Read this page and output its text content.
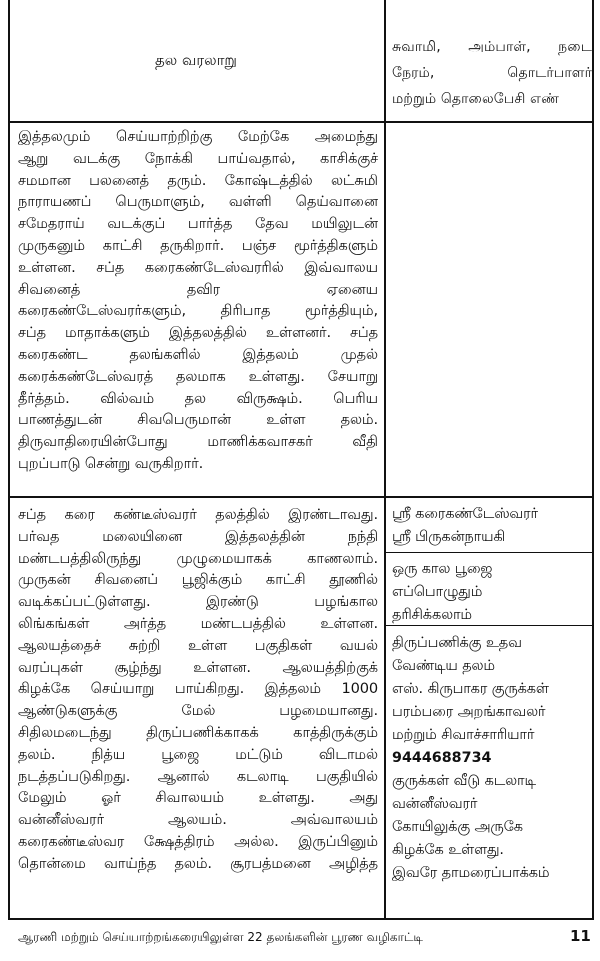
தல வரலாறு
சுவாமி, அம்பாள், நடை
நேரம், தொடர்பாளர்
மற்றும் தொலைபேசி எண்
இத்தலமும் செய்யாற்றிற்கு மேற்கே அமைந்து
ஆறு வடக்கு நோக்கி பாய்வதால், காசிக்குச்
சமமான பலனைத் தரும். கோஷ்டத்தில் லட்சுமி
நாராயணப் பெருமாளும், வள்ளி தெய்வானை
சமேதராய் வடக்குப் பார்த்த தேவ மயிலுடன்
முருகனும் காட்சி தருகிறார். பஞ்ச மூர்த்திகளும்
உள்ளன. சப்த கரைகண்டேஸ்வரரில் இவ்வாலய
சிவனைத் தவிர ஏனைய
கரைகண்டேஸ்வரர்களும், திரிபாத மூர்த்தியும்,
சப்த மாதாக்களும் இத்தலத்தில் உள்ளனர். சப்த
கரைகண்ட தலங்களில் இத்தலம் முதல்
கரைக்கண்டேஸ்வரத் தலமாக உள்ளது. சேயாறு
தீர்த்தம். வில்வம் தல விருக்ஷம். பெரிய
பாணத்துடன் சிவபெருமான் உள்ள தலம்.
திருவாதிரையின்போது மாணிக்கவாசகர் வீதி
புறப்பாடு சென்று வருகிறார்.
சப்த கரை கண்டீஸ்வரர் தலத்தில் இரண்டாவது.
பர்வத மலையினை இத்தலத்தின் நந்தி
மண்டபத்திலிருந்து முழுமையாகக் காணலாம்.
முருகன் சிவனைப் பூஜிக்கும் காட்சி தூணில்
வடிக்கப்பட்டுள்ளது. இரண்டு பழங்கால
லிங்கங்கள் அர்த்த மண்டபத்தில் உள்ளன.
ஆலயத்தைச் சுற்றி உள்ள பகுதிகள் வயல்
வரப்புகள் சூழ்ந்து உள்ளன. ஆலயத்திற்குக்
கிழக்கே செய்யாறு பாய்கிறது. இத்தலம் 1000
ஆண்டுகளுக்கு மேல் பழமையானது.
சிதிலமடைந்து திருப்பணிக்காகக் காத்திருக்கும்
தலம். நித்ய பூஜை மட்டும் விடாமல்
நடத்தப்படுகிறது. ஆனால் கடலாடி பகுதியில்
மேலும் ஓர் சிவாலயம் உள்ளது. அது
வன்னீஸ்வரர் ஆலயம். அவ்வாலயம்
கரைகண்டீஸ்வர க்ஷேத்திரம் அல்ல. இருப்பினும்
தொன்மை வாய்ந்த தலம். சூரபத்மனை அழித்த
ஸ்ரீ கரைகண்டேஸ்வரர்
ஸ்ரீ பிருகன்நாயகி
ஒரு கால பூஜை
எப்பொழுதும்
தரிசிக்கலாம்
திருப்பணிக்கு உதவ
வேண்டிய தலம்
எஸ். கிருபாகர குருக்கள்
பரம்பரை அறங்காவலர்
மற்றும் சிவாச்சாரியார்
9444688734
குருக்கள் வீடு கடலாடி
வன்னீஸ்வரர்
கோயிலுக்கு அருகே
கிழக்கே உள்ளது.
இவரே தாமரைப்பாக்கம்
ஆரணி மற்றும் செய்யாற்றங்கரையிலுள்ள 22 தலங்களின் பூரண வழிகாட்டி	11
